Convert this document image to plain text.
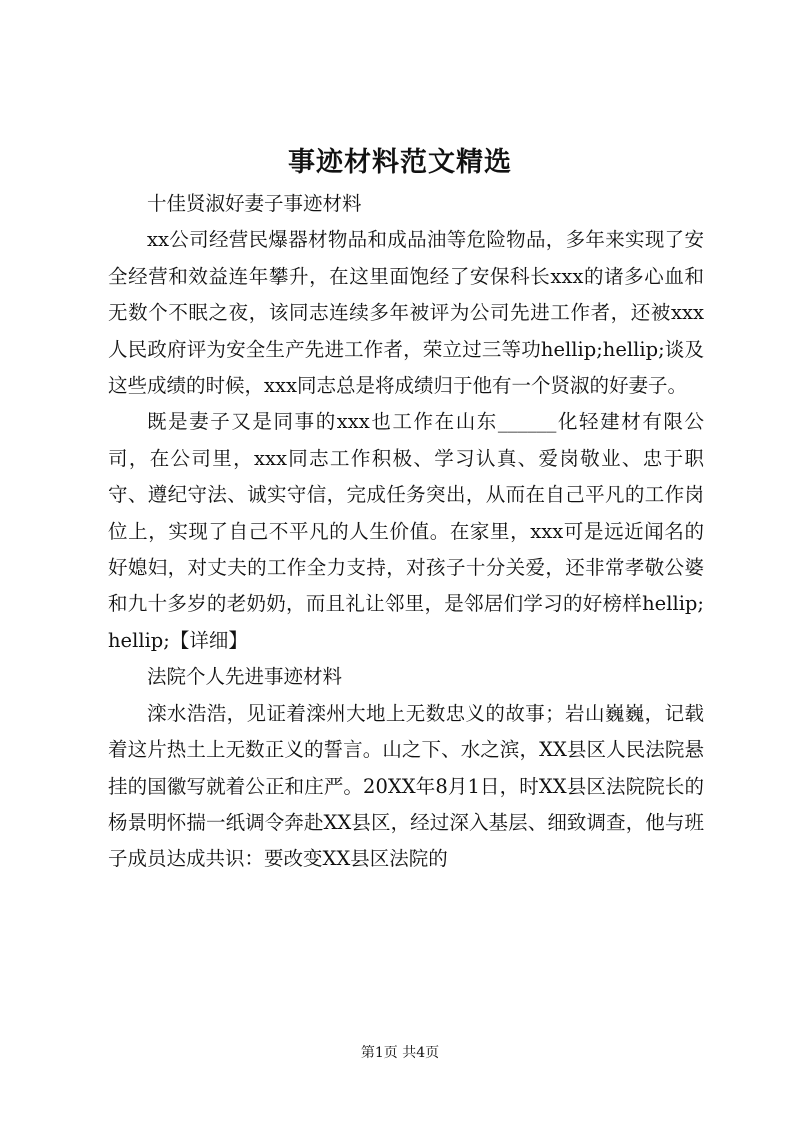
事迹材料范文精选

十佳贤淑好妻子事迹材料

xx公司经营民爆器材物品和成品油等危险物品，多年来实现了安全经营和效益连年攀升，在这里面饱经了安保科长xxx的诸多心血和无数个不眠之夜，该同志连续多年被评为公司先进工作者，还被xxx人民政府评为安全生产先进工作者，荣立过三等功hellip;hellip;谈及这些成绩的时候，xxx同志总是将成绩归于他有一个贤淑的好妻子。

既是妻子又是同事的xxx也工作在山东______化轻建材有限公司，在公司里，xxx同志工作积极、学习认真、爱岗敬业、忠于职守、遵纪守法、诚实守信，完成任务突出，从而在自己平凡的工作岗位上，实现了自己不平凡的人生价值。在家里，xxx可是远近闻名的好媳妇，对丈夫的工作全力支持，对孩子十分关爱，还非常孝敬公婆和九十多岁的老奶奶，而且礼让邻里，是邻居们学习的好榜样hellip;hellip;【详细】

法院个人先进事迹材料

滦水浩浩，见证着滦州大地上无数忠义的故事；岩山巍巍，记载着这片热土上无数正义的誓言。山之下、水之滨，XX县区人民法院悬挂的国徽写就着公正和庄严。20XX年8月1日，时XX县区法院院长的杨景明怀揣一纸调令奔赴XX县区，经过深入基层、细致调查，他与班子成员达成共识：要改变XX县区法院的

第1页 共4页
